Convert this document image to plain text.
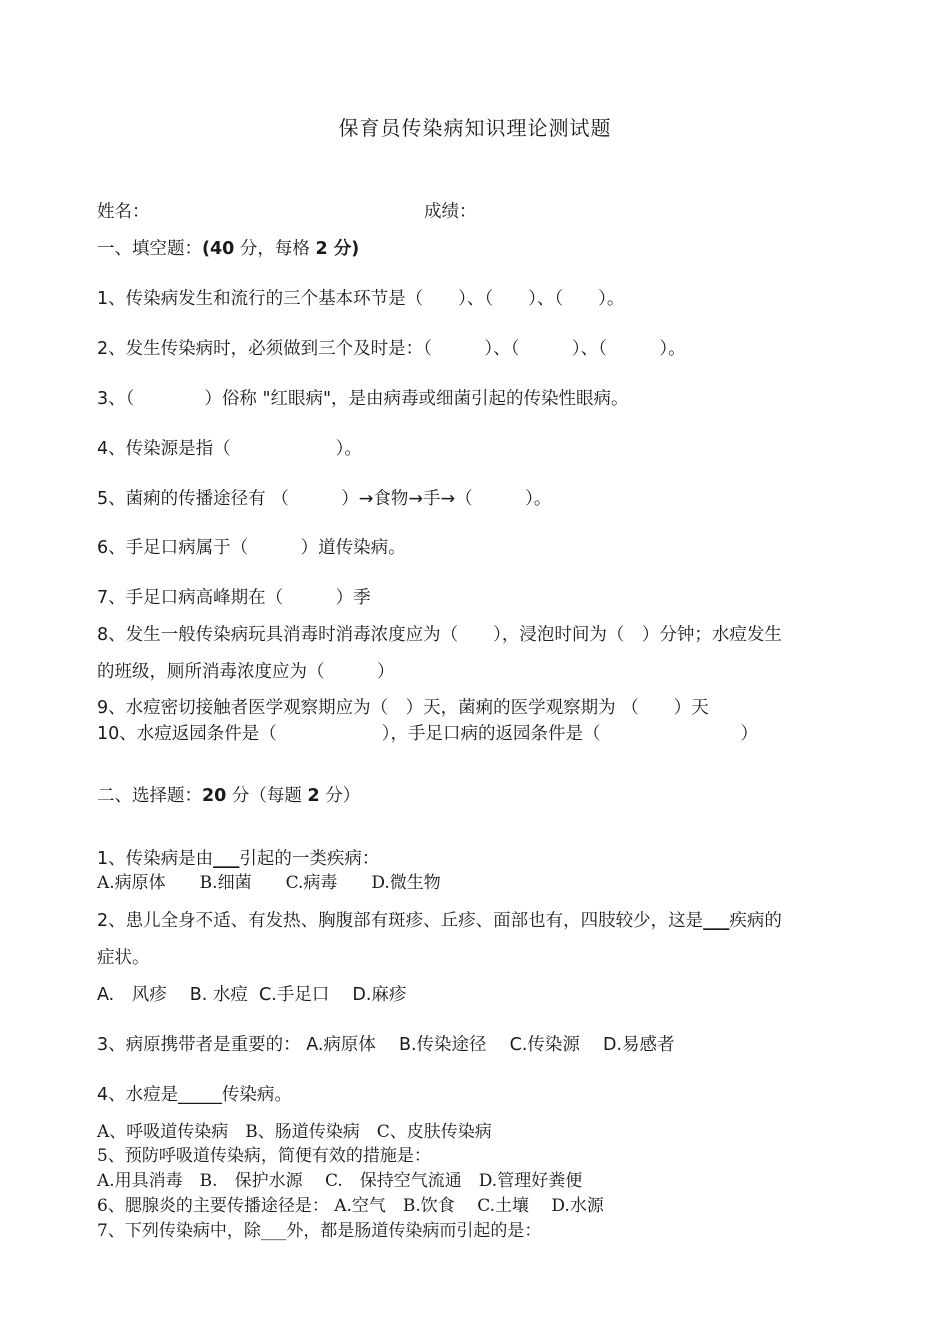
保育员传染病知识理论测试题
姓名：	成绩：
一、填空题：(40 分，每格 2 分)
1、传染病发生和流行的三个基本环节是（　　）、（　　）、（　　）。
2、发生传染病时，必须做到三个及时是：（　　　）、（　　　）、（　　　）。
3、（　　　　）俗称 "红眼病"，是由病毒或细菌引起的传染性眼病。
4、传染源是指（　　　　　　）。
5、菌痢的传播途径有 （　　　）→食物→手→（　　　）。
6、手足口病属于（　　　）道传染病。
7、手足口病高峰期在（　　　）季
8、发生一般传染病玩具消毒时消毒浓度应为（　　），浸泡时间为（　）分钟；水痘发生
的班级，厕所消毒浓度应为（　　　）
9、水痘密切接触者医学观察期应为（　）天，菌痢的医学观察期为 （　　）天
10、水痘返园条件是（　　　　　　），手足口病的返园条件是（　　　　　　　　）
二、选择题：20 分（每题 2 分）
1、传染病是由___引起的一类疾病：
A.病原体　　B.细菌　　C.病毒　　D.微生物
2、患儿全身不适、有发热、胸腹部有斑疹、丘疹、面部也有，四肢较少，这是___疾病的
症状。
A.　风疹　 B. 水痘  C.手足口　 D.麻疹
3、病原携带者是重要的： A.病原体　 B.传染途径　 C.传染源　 D.易感者
4、水痘是_____传染病。
A、呼吸道传染病　B、肠道传染病　C、皮肤传染病
5、预防呼吸道传染病，简便有效的措施是：
A.用具消毒　B.　保护水源　 C.　保持空气流通　D.管理好粪便
6、腮腺炎的主要传播途径是： A.空气　B.饮食　 C.土壤　 D.水源
7、下列传染病中，除___外，都是肠道传染病而引起的是：
